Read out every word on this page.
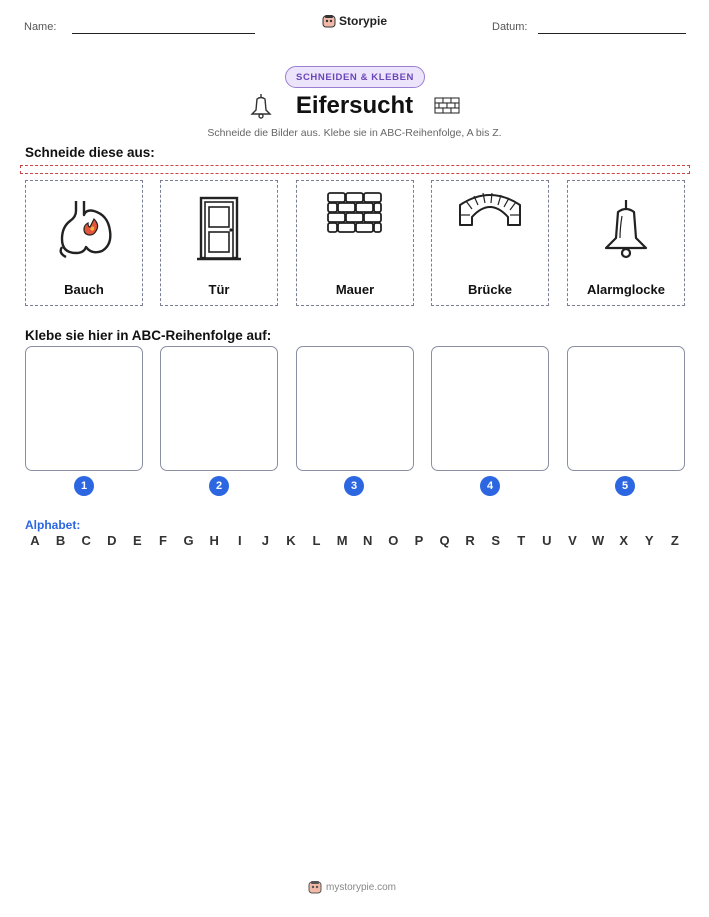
Name:	Storypie	Datum:
SCHNEIDEN & KLEBEN
Eifersucht
Schneide die Bilder aus. Klebe sie in ABC-Reihenfolge, A bis Z.
Schneide diese aus:
Bauch	Tür	Mauer	Brücke	Alarmglocke
Klebe sie hier in ABC-Reihenfolge auf:
1	2	3	4	5
Alphabet:
A	B	C	D	E	F	G	H	I	J	K	L	M	N	O	P	Q	R	S	T	U	V	W	X	Y	Z
mystorypie.com
